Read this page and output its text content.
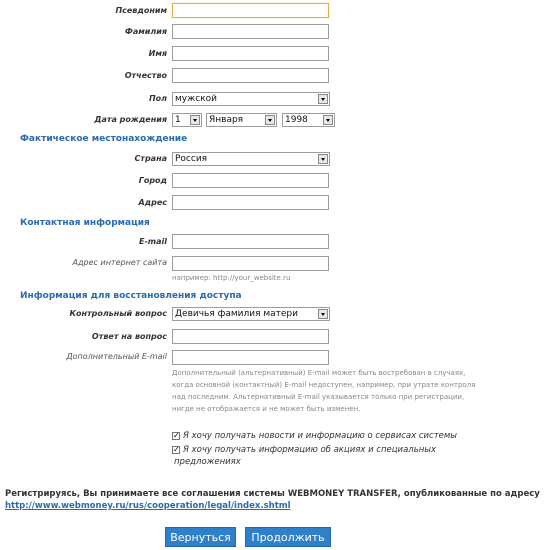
Псевдоним
Фамилия
Имя
Отчество
Пол мужской
Дата рождения 1	Января	1998
Фактическое местонахождение
Страна Россия
Город
Адрес
Контактная информация
E-mail
Адрес интернет сайта
например: http://your_website.ru
Информация для восстановления доступа
Контрольный вопрос Девичья фамилия матери
Ответ на вопрос
Дополнительный E-mail
Дополнительный (альтернативный) E-mail может быть востребован в случаях,
когда основной (контактный) E-mail недоступен, например, при утрате контроля
над последним. Альтернативный E-mail указывается только при регистрации,
нигде не отображается и не может быть изменен.
✓ Я хочу получать новости и информацию о сервисах системы
✓ Я хочу получать информацию об акциях и специальных
предложениях
Регистрируясь, Вы принимаете все соглашения системы WEBMONEY TRANSFER, опубликованные по адресу
http://www.webmoney.ru/rus/cooperation/legal/index.shtml
Вернуться	Продолжить
